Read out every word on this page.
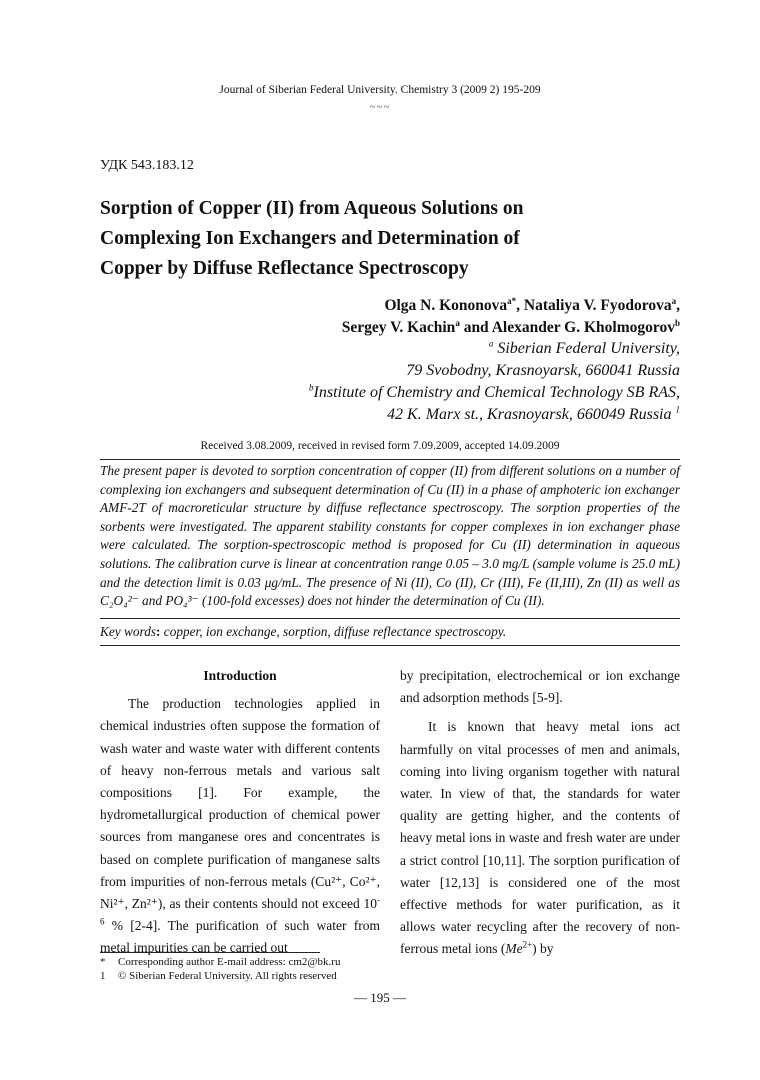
Journal of Siberian Federal University. Chemistry 3 (2009 2) 195-209
~~~
УДК 543.183.12
Sorption of Copper (II) from Aqueous Solutions on
Complexing Ion Exchangers and Determination of
Copper by Diffuse Reflectance Spectroscopy
Olga N. Kononova$^{a*}$, Nataliya V. Fyodorova$^a$,
Sergey V. Kachin$^a$ and Alexander G. Kholmogorov$^b$
$^a$ Siberian Federal University,
79 Svobodny, Krasnoyarsk, 660041 Russia
$^b$Institute of Chemistry and Chemical Technology SB RAS,
42 K. Marx st., Krasnoyarsk, 660049 Russia $^1$
Received 3.08.2009, received in revised form 7.09.2009, accepted 14.09.2009
The present paper is devoted to sorption concentration of copper (II) from different solutions on a number of complexing ion exchangers and subsequent determination of Cu (II) in a phase of amphoteric ion exchanger AMF-2T of macroreticular structure by diffuse reflectance spectroscopy. The sorption properties of the sorbents were investigated. The apparent stability constants for copper complexes in ion exchanger phase were calculated. The sorption-spectroscopic method is proposed for Cu (II) determination in aqueous solutions. The calibration curve is linear at concentration range 0.05 – 3.0 mg/L (sample volume is 25.0 mL) and the detection limit is 0.03 μg/mL. The presence of Ni (II), Co (II), Cr (III), Fe (II,III), Zn (II) as well as C₂O₄²⁻ and PO₄³⁻ (100-fold excesses) does not hinder the determination of Cu (II).
Key words: copper, ion exchange, sorption, diffuse reflectance spectroscopy.
Introduction

The production technologies applied in chemical industries often suppose the formation of wash water and waste water with different contents of heavy non-ferrous metals and various salt compositions [1]. For example, the hydrometallurgical production of chemical power sources from manganese ores and concentrates is based on complete purification of manganese salts from impurities of non-ferrous metals (Cu²⁺, Co²⁺, Ni²⁺, Zn²⁺), as their contents should not exceed $10^{-6}$ % [2-4]. The purification of such water from metal impurities can be carried out

by precipitation, electrochemical or ion exchange and adsorption methods [5-9].

It is known that heavy metal ions act harmfully on vital processes of men and animals, coming into living organism together with natural water. In view of that, the standards for water quality are getting higher, and the contents of heavy metal ions in waste and fresh water are under a strict control [10,11]. The sorption purification of water [12,13] is considered one of the most effective methods for water purification, as it allows water recycling after the recovery of non-ferrous metal ions $(Me^{2+})$ by

* Corresponding author E-mail address: cm2@bk.ru
1 © Siberian Federal University. All rights reserved
— 195 —
